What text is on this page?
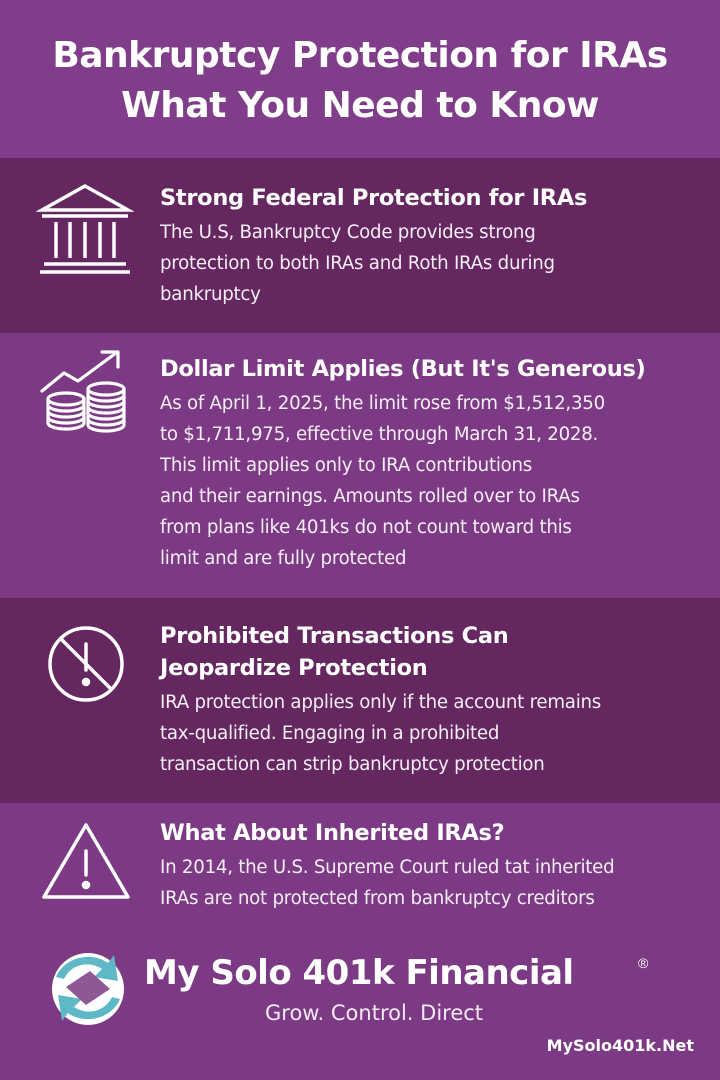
Bankruptcy Protection for IRAs
What You Need to Know
Strong Federal Protection for IRAs
The U.S, Bankruptcy Code provides strong
protection to both IRAs and Roth IRAs during
bankruptcy
Dollar Limit Applies (But It's Generous)
As of April 1, 2025, the limit rose from $1,512,350
to $1,711,975, effective through March 31, 2028.
This limit applies only to IRA contributions
and their earnings. Amounts rolled over to IRAs
from plans like 401ks do not count toward this
limit and are fully protected
Prohibited Transactions Can
Jeopardize Protection
IRA protection applies only if the account remains
tax-qualified. Engaging in a prohibited
transaction can strip bankruptcy protection
What About Inherited IRAs?
In 2014, the U.S. Supreme Court ruled tat inherited
IRAs are not protected from bankruptcy creditors
My Solo 401k Financial	®
Grow. Control. Direct
MySolo401k.Net
